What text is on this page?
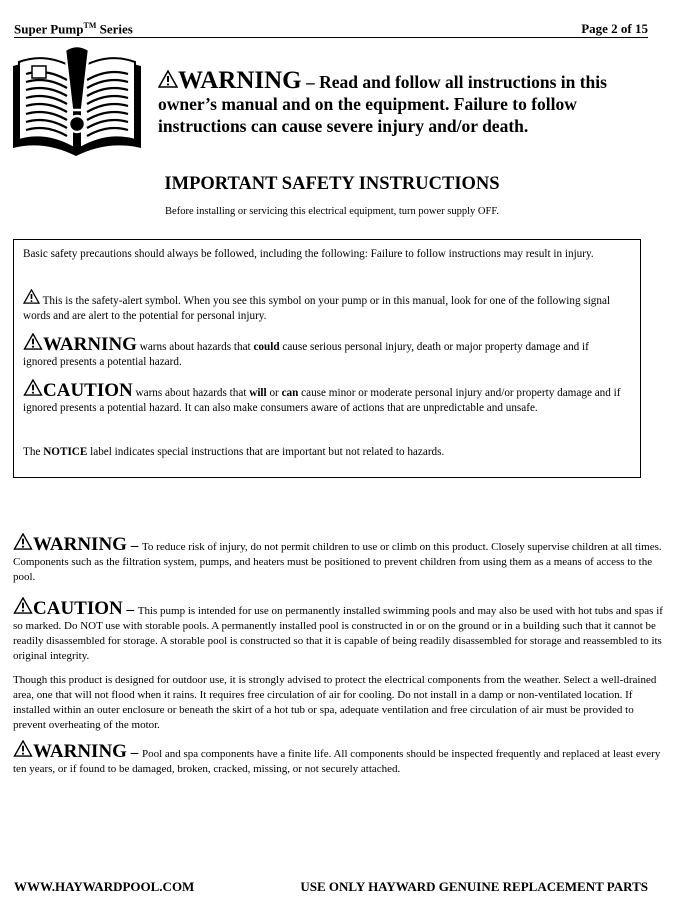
Super Pump™ Series	Page 2 of 15
WARNING – Read and follow all instructions in this
owner’s manual and on the equipment. Failure to follow
instructions can cause severe injury and/or death.
IMPORTANT SAFETY INSTRUCTIONS
Before installing or servicing this electrical equipment, turn power supply OFF.

Basic safety precautions should always be followed, including the following: Failure to follow instructions may result in injury.

This is the safety-alert symbol. When you see this symbol on your pump or in this manual, look for one of the following signal words and are alert to the potential for personal injury.

WARNING warns about hazards that could cause serious personal injury, death or major property damage and if ignored presents a potential hazard.

CAUTION warns about hazards that will or can cause minor or moderate personal injury and/or property damage and if ignored presents a potential hazard. It can also make consumers aware of actions that are unpredictable and unsafe.

The NOTICE label indicates special instructions that are important but not related to hazards.

WARNING – To reduce risk of injury, do not permit children to use or climb on this product. Closely supervise children at all times. Components such as the filtration system, pumps, and heaters must be positioned to prevent children from using them as a means of access to the pool.

CAUTION – This pump is intended for use on permanently installed swimming pools and may also be used with hot tubs and spas if so marked. Do NOT use with storable pools. A permanently installed pool is constructed in or on the ground or in a building such that it cannot be readily disassembled for storage. A storable pool is constructed so that it is capable of being readily disassembled for storage and reassembled to its original integrity.

Though this product is designed for outdoor use, it is strongly advised to protect the electrical components from the weather. Select a well-drained area, one that will not flood when it rains. It requires free circulation of air for cooling. Do not install in a damp or non-ventilated location. If installed within an outer enclosure or beneath the skirt of a hot tub or spa, adequate ventilation and free circulation of air must be provided to prevent overheating of the motor.

WARNING – Pool and spa components have a finite life. All components should be inspected frequently and replaced at least every ten years, or if found to be damaged, broken, cracked, missing, or not securely attached.

WWW.HAYWARDPOOL.COM	USE ONLY HAYWARD GENUINE REPLACEMENT PARTS
